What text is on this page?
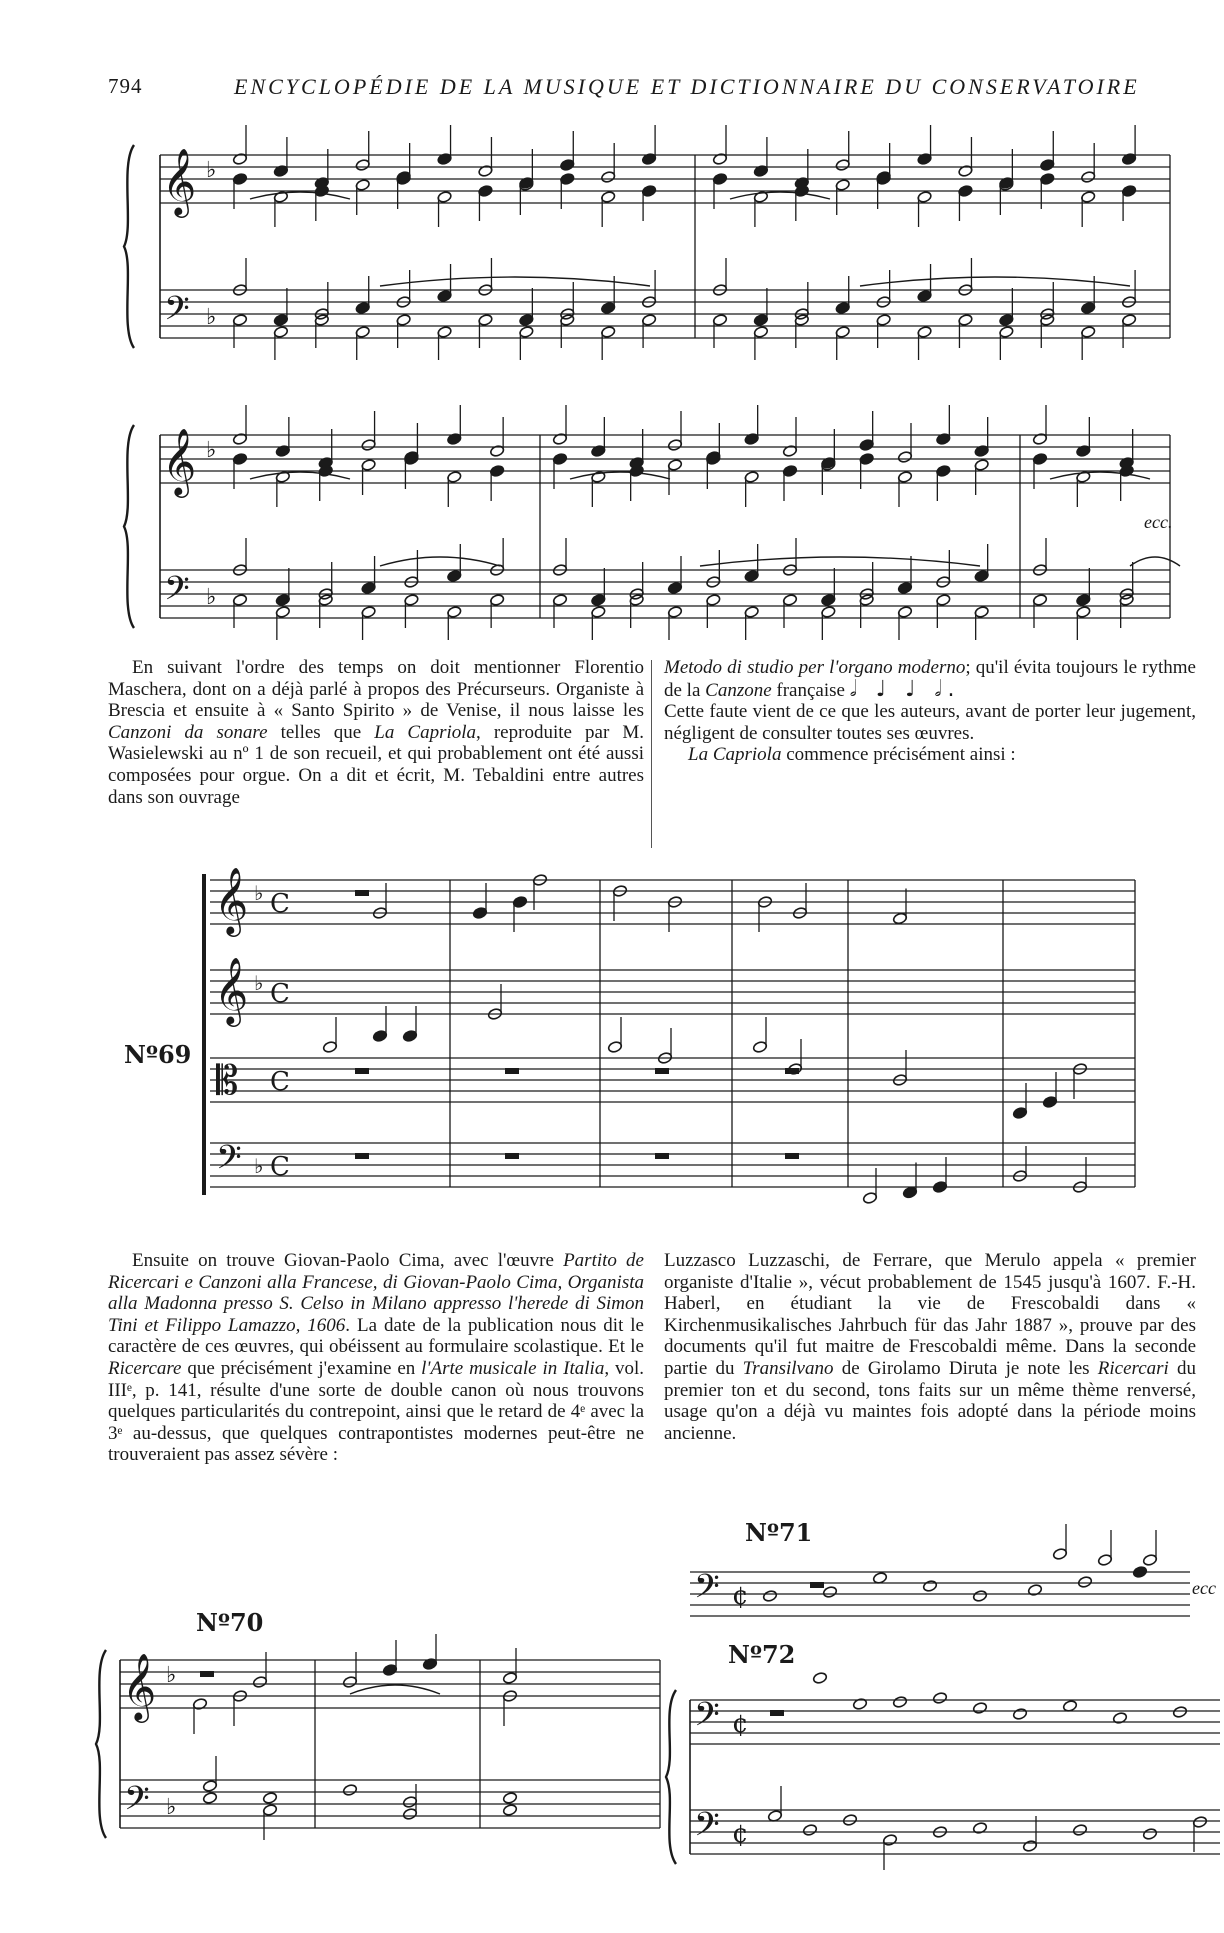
794	ENCYCLOPÉDIE DE LA MUSIQUE ET DICTIONNAIRE DU CONSERVATOIRE
𝄞
𝄢
♭
♭
𝄞
𝄢
♭
♭
ecc.

En suivant l'ordre des temps on doit mentionner Florentio Maschera, dont on a déjà parlé à propos des Précurseurs. Organiste à Brescia et ensuite à « Santo Spirito » de Venise, il nous laisse les Canzoni da sonare telles que La Capriola, reproduite par M. Wasielewski au nº 1 de son recueil, et qui probablement ont été aussi composées pour orgue. On a dit et écrit, M. Tebaldini entre autres dans son ouvrage

Metodo di studio per l'organo moderno; qu'il évita toujours le rythme de la Canzone française 𝅗𝅥 ♩ ♩ 𝅗𝅥.

Cette faute vient de ce que les auteurs, avant de porter leur jugement, négligent de consulter toutes ses œuvres.

La Capriola commence précisément ainsi :

Nº69
𝄞 ♭ C
𝄞 ♭ C
𝄡 C
𝄢 ♭ C

Ensuite on trouve Giovan-Paolo Cima, avec l'œuvre Partito de Ricercari e Canzoni alla Francese, di Giovan-Paolo Cima, Organista alla Madonna presso S. Celso in Milano appresso l'herede di Simon Tini et Filippo Lamazzo, 1606. La date de la publication nous dit le caractère de ces œuvres, qui obéissent au formulaire scolastique. Et le Ricercare que précisément j'examine en l'Arte musicale in Italia, vol. IIIᵉ, p. 141, résulte d'une sorte de double canon où nous trouvons quelques particularités du contrepoint, ainsi que le retard de 4ᵉ avec la 3ᵉ au-dessus, que quelques contrapontistes modernes peut-être ne trouveraient pas assez sévère :

Luzzasco Luzzaschi, de Ferrare, que Merulo appela « premier organiste d'Italie », vécut probablement de 1545 jusqu'à 1607. F.-H. Haberl, en étudiant la vie de Frescobaldi dans « Kirchenmusikalisches Jahrbuch für das Jahr 1887 », prouve par des documents qu'il fut maitre de Frescobaldi même. Dans la seconde partie du Transilvano de Girolamo Diruta je note les Ricercari du premier ton et du second, tons faits sur un même thème renversé, usage qu'on a déjà vu maintes fois adopté dans la période moins ancienne.

Nº70
𝄞
𝄢
♭
♭
Nº71
𝄢 ¢	ecc
Nº72
𝄢
𝄢
¢
¢
